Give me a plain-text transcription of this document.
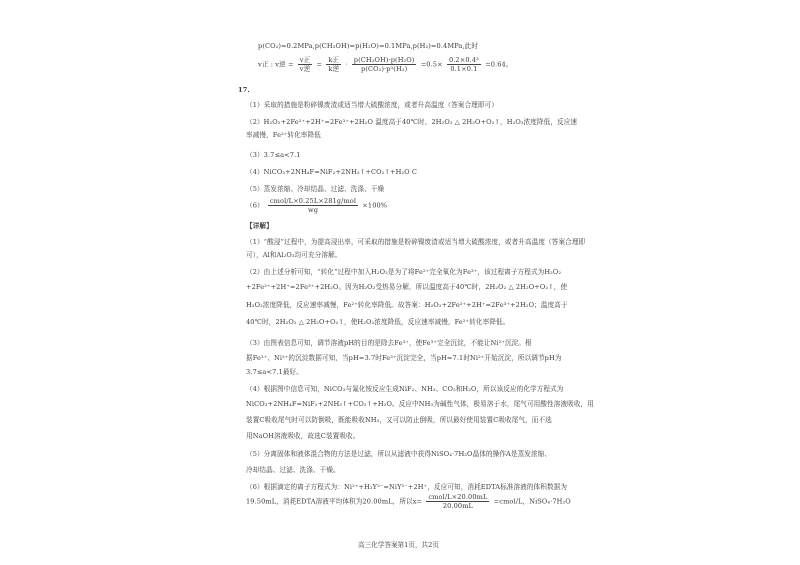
p(CO₂)=0.2MPa,p(CH₃OH)=p(H₂O)=0.1MPa,p(H₂)=0.4MPa,此时
v正 : v逆 = $\frac{\text{v正}}{\text{v逆}} = \frac{\text{k正}}{\text{k逆}} \cdot \frac{\text{p(CH₃OH)·p(H₂O)}}{\text{p(CO₂)·p³(H₂)}} =0.5\times \frac{\text{0.2×0.4³}}{0.1\times 0.1} =0.64$。
17.
（1）采取的措施是粉碎镍废渣或适当增大硫酸浓度，或者升高温度（答案合理即可）
（2）H₂O₂+2Fe²⁺+2H⁺=2Fe³⁺+2H₂O 温度高于40℃时，2H₂O₂ △ 2H₂O+O₂↑，H₂O₂浓度降低，反应速
率减慢，Fe²⁺转化率降低
（3）3.7≤a<7.1
（4）NiCO₃+2NH₄F=NiF₂+2NH₃↑+CO₂↑+H₂O C
（5）蒸发浓缩、冷却结晶、过滤、洗涤、干燥
$(6) \frac{\text{cmol/L×0.25L×281g/mol}}{wg} \times 100\%$
【详解】
（1）“酸浸”过程中，为提高浸出率，可采取的措施是粉碎镍废渣或适当增大硫酸浓度，或者升高温度（答案合理即
可），Al和Al₂O₃均可充分溶解。
（2）由上述分析可知，“转化”过程中加入H₂O₂是为了将Fe²⁺完全氧化为Fe³⁺，该过程离子方程式为H₂O₂
+2Fe²⁺+2H⁺=2Fe³⁺+2H₂O。因为H₂O₂受热易分解，所以温度高于40℃时，2H₂O₂ △ 2H₂O+O₂↑，使
H₂O₂浓度降低，反应速率减慢，Fe²⁺转化率降低。故答案：H₂O₂+2Fe²⁺+2H⁺=2Fe³⁺+2H₂O；温度高于
40℃时，2H₂O₂ △ 2H₂O+O₂↑，使H₂O₂浓度降低，反应速率减慢，Fe²⁺转化率降低。
（3）由图表信息可知，调节溶液pH的目的是除去Fe³⁺，使Fe³⁺完全沉淀，不能让Ni²⁺沉淀。根
据Fe³⁺、Ni²⁺的沉淀数据可知，当pH=3.7时Fe³⁺沉淀完全，当pH=7.1时Ni²⁺开始沉淀，所以调节pH为
3.7≤a<7.1最好。
（4）根据图中信息可知，NiCO₃与氟化铵反应生成NiF₂、NH₃、CO₂和H₂O，所以该反应的化学方程式为
NiCO₃+2NH₄F=NiF₂+2NH₃↑+CO₂↑+H₂O。反应中NH₃为碱性气体，极易溶于水，尾气可用酸性溶液吸收，用
装置C吸收尾气时可以防倒吸，既能吸收NH₃，又可以防止倒吸，所以最好使用装置C吸收尾气，而不选
用NaOH溶液吸收，故选C装置吸收。
（5）分离固体和液体混合物的方法是过滤，所以从滤液中获得NiSO₄·7H₂O晶体的操作A是蒸发浓缩、
冷却结晶、过滤、洗涤、干燥。
（6）根据滴定的离子方程式为：Ni²⁺+H₂Y²⁻=NiY²⁻+2H⁺，反应可知，消耗EDTA标准溶液的体积数据为
19.50mL，消耗EDTA溶液平均体积为20.00mL，所以$x= \frac{\text{cmol/L×20.00mL}}{20.00mL}$ =cmol/L，NiSO₄·7H₂O
高三化学答案第1页，共2页
